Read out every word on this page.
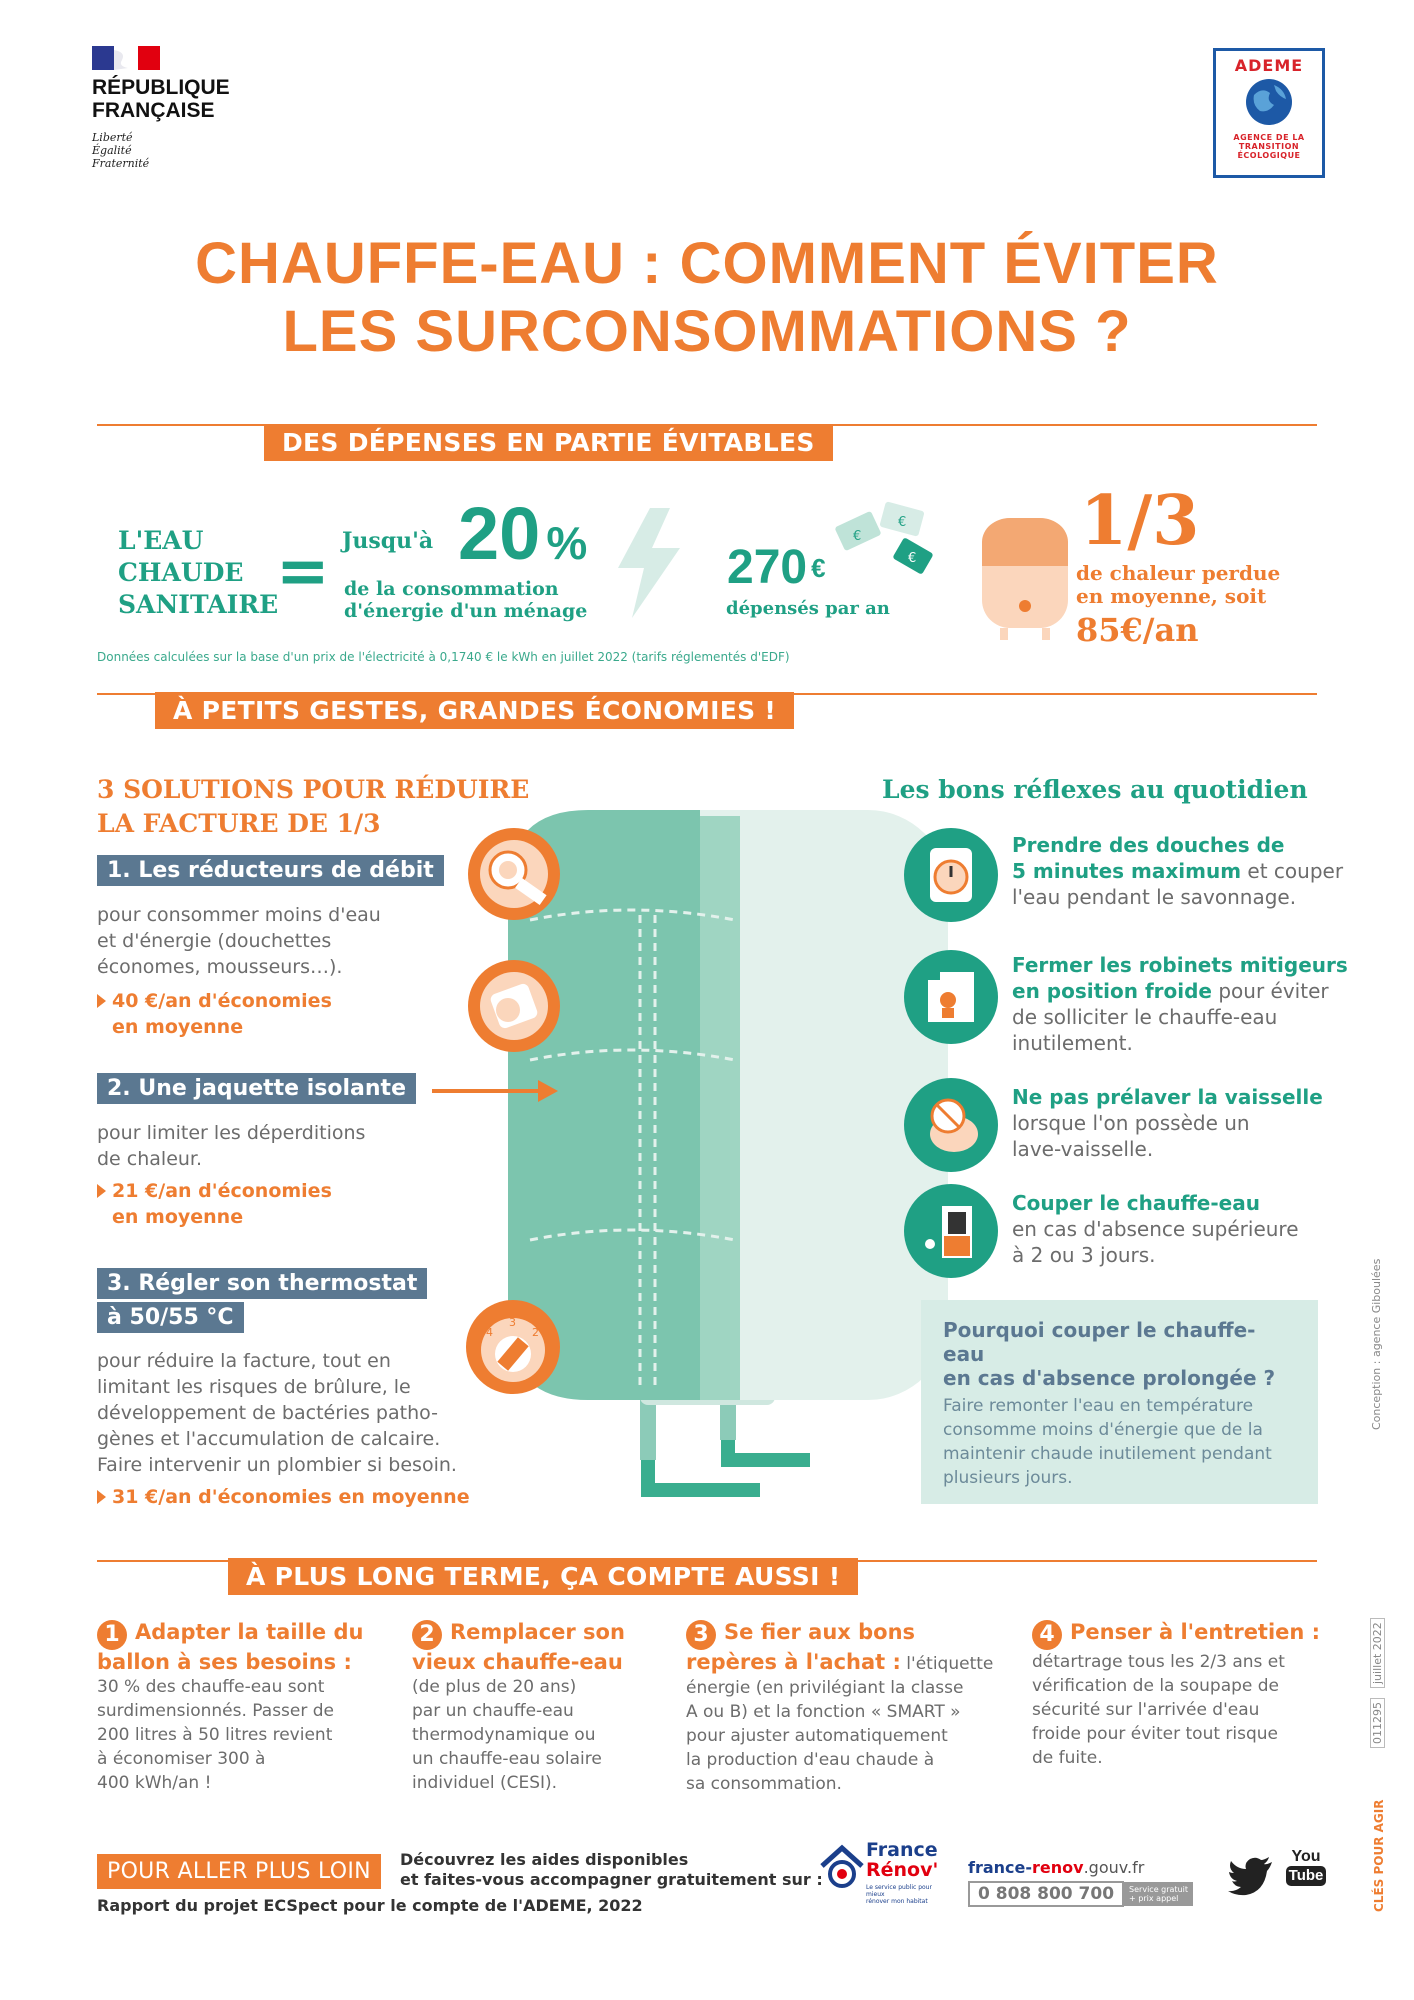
RÉPUBLIQUE
FRANÇAISE
Liberté
Égalité
Fraternité
ADEME
AGENCE DE LA
TRANSITION
ÉCOLOGIQUE
CHAUFFE-EAU : COMMENT ÉVITER
LES SURCONSOMMATIONS ?
DES DÉPENSES EN PARTIE ÉVITABLES
L'EAU
CHAUDE
SANITAIRE
= Jusqu'à 20 %
de la consommation
d'énergie d'un ménage
€
€
€
270 €
dépensés par an
1/3
de chaleur perdue
en moyenne, soit
85€/an
Données calculées sur la base d'un prix de l'électricité à 0,1740 € le kWh en juillet 2022 (tarifs réglementés d'EDF)
À PETITS GESTES, GRANDES ÉCONOMIES !
3 SOLUTIONS POUR RÉDUIRE
LA FACTURE DE 1/3
1. Les réducteurs de débit
pour consommer moins d'eau
et d'énergie (douchettes
économes, mousseurs…).
40 €/an d'économies
en moyenne
2. Une jaquette isolante
pour limiter les déperditions
de chaleur.
21 €/an d'économies
en moyenne
3. Régler son thermostat
à 50/55 °C
4
3
2
pour réduire la facture, tout en
limitant les risques de brûlure, le
développement de bactéries patho-
gènes et l'accumulation de calcaire.
Faire intervenir un plombier si besoin.
31 €/an d'économies en moyenne
Les bons réflexes au quotidien
Prendre des douches de
5 minutes maximum et couper
l'eau pendant le savonnage.
Fermer les robinets mitigeurs
en position froide pour éviter
de solliciter le chauffe-eau
inutilement.
Ne pas prélaver la vaisselle
lorsque l'on possède un
lave-vaisselle.
Couper le chauffe-eau
en cas d'absence supérieure
à 2 ou 3 jours.
Pourquoi couper le chauffe-eau
en cas d'absence prolongée ?
Faire remonter l'eau en température
consomme moins d'énergie que de la
maintenir chaude inutilement pendant
plusieurs jours.
À PLUS LONG TERME, ÇA COMPTE AUSSI !
1 Adapter la taille du
ballon à ses besoins :
30 % des chauffe-eau sont
surdimensionnés. Passer de
200 litres à 50 litres revient
à économiser 300 à
400 kWh/an !
2 Remplacer son
vieux chauffe-eau
(de plus de 20 ans)
par un chauffe-eau
thermodynamique ou
un chauffe-eau solaire
individuel (CESI).
3 Se fier aux bons
repères à l'achat : l'étiquette
énergie (en privilégiant la classe
A ou B) et la fonction « SMART »
pour ajuster automatiquement
la production d'eau chaude à
sa consommation.
4 Penser à l'entretien :
détartrage tous les 2/3 ans et
vérification de la soupape de
sécurité sur l'arrivée d'eau
froide pour éviter tout risque
de fuite.
POUR ALLER PLUS LOIN	Découvrez les aides disponibles
et faites-vous accompagner gratuitement sur :
Rapport du projet ECSpect pour le compte de l'ADEME, 2022
France
Rénov'
Le service public pour mieux
rénover mon habitat
france-renov.gouv.fr
0 808 800 700	Service gratuit
+ prix appel
You
Tube
Conception : agence Giboulées
juillet 2022
011295
CLÉS POUR AGIR
